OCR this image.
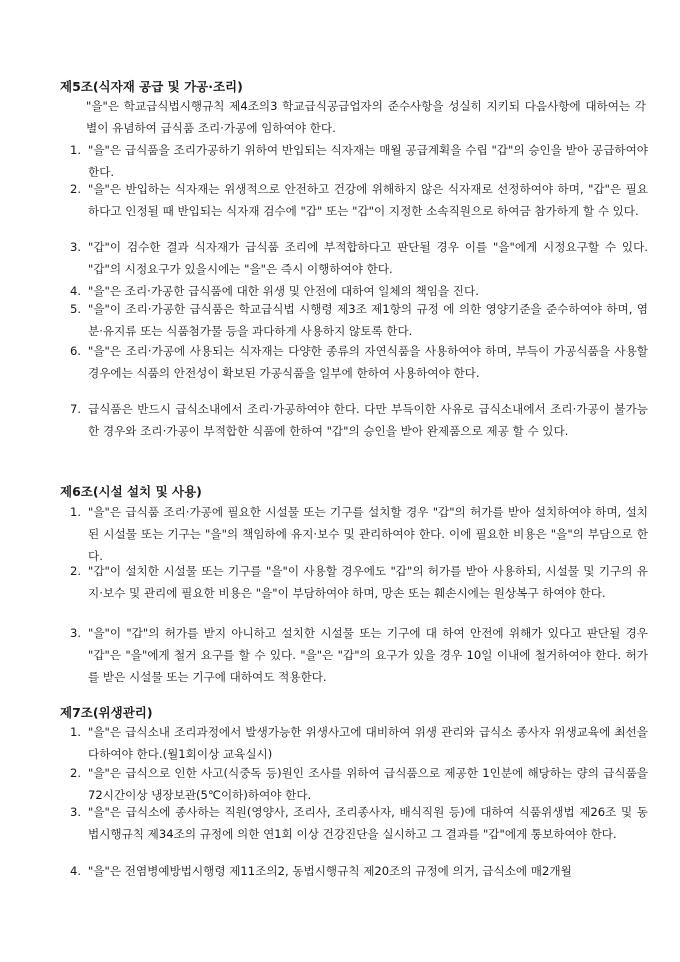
제5조(식자재 공급 및 가공·조리)
"을"은 학교급식법시행규칙 제4조의3 학교급식공급업자의 준수사항을 성실히 지키되 다음사항에 대하여는 각별이 유념하여 급식품 조리·가공에 임하여야 한다.
1. "을"은 급식품을 조리가공하기 위하여 반입되는 식자재는 매월 공급계획을 수립 "갑"의 승인을 받아 공급하여야 한다.
2. "을"은 반입하는 식자재는 위생적으로 안전하고 건강에 위해하지 않은 식자재로 선정하여야 하며, "갑"은 필요하다고 인정될 때 반입되는 식자재 검수에 "갑" 또는 "갑"이 지정한 소속직원으로 하여금 참가하게 할 수 있다.
3. "갑"이 검수한 결과 식자재가 급식품 조리에 부적합하다고 판단될 경우 이를 "을"에게 시정요구할 수 있다. "갑"의 시정요구가 있을시에는 "을"은 즉시 이행하여야 한다.
4. "을"은 조리·가공한 급식품에 대한 위생 및 안전에 대하여 일체의 책임을 진다.
5. "을"이 조리·가공한 급식품은 학교급식법 시행령 제3조 제1항의 규정 에 의한 영양기준을 준수하여야 하며, 염분·유지류 또는 식품첨가물 등을 과다하게 사용하지 않토록 한다.
6. "을"은 조리·가공에 사용되는 식자재는 다양한 종류의 자연식품을 사용하여야 하며, 부득이 가공식품을 사용할 경우에는 식품의 안전성이 확보된 가공식품을 일부에 한하여 사용하여야 한다.
7. 급식품은 반드시 급식소내에서 조리·가공하여야 한다. 다만 부득이한 사유로 급식소내에서 조리·가공이 불가능한 경우와 조리·가공이 부적합한 식품에 한하여 "갑"의 승인을 받아 완제품으로 제공 할 수 있다.
제6조(시설 설치 및 사용)
1. "을"은 급식품 조리·가공에 필요한 시설물 또는 기구를 설치할 경우 "갑"의 허가를 받아 설치하여야 하며, 설치된 시설물 또는 기구는 "을"의 책임하에 유지·보수 및 관리하여야 한다. 이에 필요한 비용은 "을"의 부담으로 한다.
2. "갑"이 설치한 시설물 또는 기구를 "을"이 사용할 경우에도 "갑"의 허가를 받아 사용하되, 시설물 및 기구의 유지·보수 및 관리에 필요한 비용은 "을"이 부담하여야 하며, 망손 또는 훼손시에는 원상복구 하여야 한다.
3. "을"이 "갑"의 허가를 받지 아니하고 설치한 시설물 또는 기구에 대 하여 안전에 위해가 있다고 판단될 경우 "갑"은 "을"에게 철거 요구를 할 수 있다. "을"은 "갑"의 요구가 있을 경우 10일 이내에 철거하여야 한다. 허가를 받은 시설물 또는 기구에 대하여도 적용한다.
제7조(위생관리)
1. "을"은 급식소내 조리과정에서 발생가능한 위생사고에 대비하여 위생 관리와 급식소 종사자 위생교육에 최선을 다하여야 한다.(월1회이상 교육실시)
2. "을"은 급식으로 인한 사고(식중독 등)원인 조사를 위하여 급식품으로 제공한 1인분에 해당하는 량의 급식품을 72시간이상 냉장보관(5℃이하)하여야 한다.
3. "을"은 급식소에 종사하는 직원(영양사, 조리사, 조리종사자, 배식직원 등)에 대하여 식품위생법 제26조 및 동법시행규칙 제34조의 규정에 의한 연1회 이상 건강진단을 실시하고 그 결과를 "갑"에게 통보하여야 한다.
4. "을"은 전염병예방법시행령 제11조의2, 동법시행규칙 제20조의 규정에 의거, 급식소에 매2개월
